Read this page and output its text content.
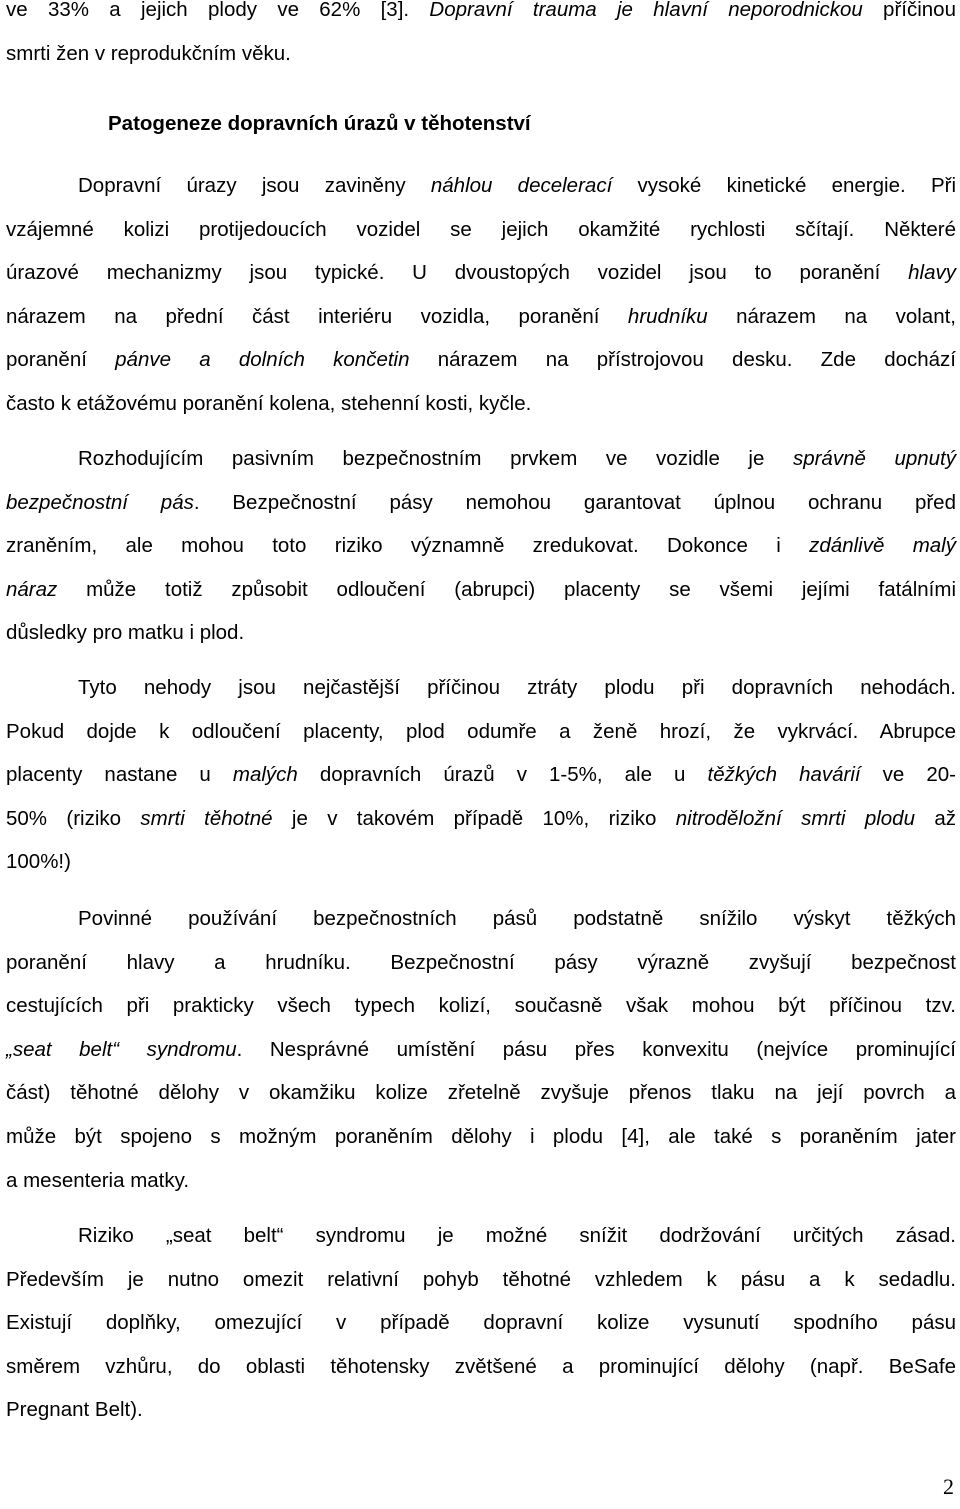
ve 33% a jejich plody ve 62% [3]. Dopravní trauma je hlavní neporodnickou příčinou
smrti žen v reprodukčním věku.
Patogeneze dopravních úrazů v těhotenství
Dopravní úrazy jsou zaviněny náhlou decelerací vysoké kinetické energie. Při
vzájemné kolizi protijedoucích vozidel se jejich okamžité rychlosti sčítají. Některé
úrazové mechanizmy jsou typické. U dvoustopých vozidel jsou to poranění hlavy
nárazem na přední část interiéru vozidla, poranění hrudníku nárazem na volant,
poranění pánve a dolních končetin nárazem na přístrojovou desku. Zde dochází
často k etážovému poranění kolena, stehenní kosti, kyčle.
Rozhodujícím pasivním bezpečnostním prvkem ve vozidle je správně upnutý
bezpečnostní pás. Bezpečnostní pásy nemohou garantovat úplnou ochranu před
zraněním, ale mohou toto riziko významně zredukovat. Dokonce i zdánlivě malý
náraz může totiž způsobit odloučení (abrupci) placenty se všemi jejími fatálními
důsledky pro matku i plod.
Tyto nehody jsou nejčastější příčinou ztráty plodu při dopravních nehodách.
Pokud dojde k odloučení placenty, plod odumře a ženě hrozí, že vykrvácí. Abrupce
placenty nastane u malých dopravních úrazů v 1-5%, ale u těžkých havárií ve 20-
50% (riziko smrti těhotné je v takovém případě 10%, riziko nitroděložní smrti plodu až
100%!)
Povinné používání bezpečnostních pásů podstatně snížilo výskyt těžkých
poranění hlavy a hrudníku. Bezpečnostní pásy výrazně zvyšují bezpečnost
cestujících při prakticky všech typech kolizí, současně však mohou být příčinou tzv.
„seat belt“ syndromu. Nesprávné umístění pásu přes konvexitu (nejvíce prominující
část) těhotné dělohy v okamžiku kolize zřetelně zvyšuje přenos tlaku na její povrch a
může být spojeno s možným poraněním dělohy i plodu [4], ale také s poraněním jater
a mesenteria matky.
Riziko „seat belt“ syndromu je možné snížit dodržování určitých zásad.
Především je nutno omezit relativní pohyb těhotné vzhledem k pásu a k sedadlu.
Existují doplňky, omezující v případě dopravní kolize vysunutí spodního pásu
směrem vzhůru, do oblasti těhotensky zvětšené a prominující dělohy (např. BeSafe
Pregnant Belt).
2
